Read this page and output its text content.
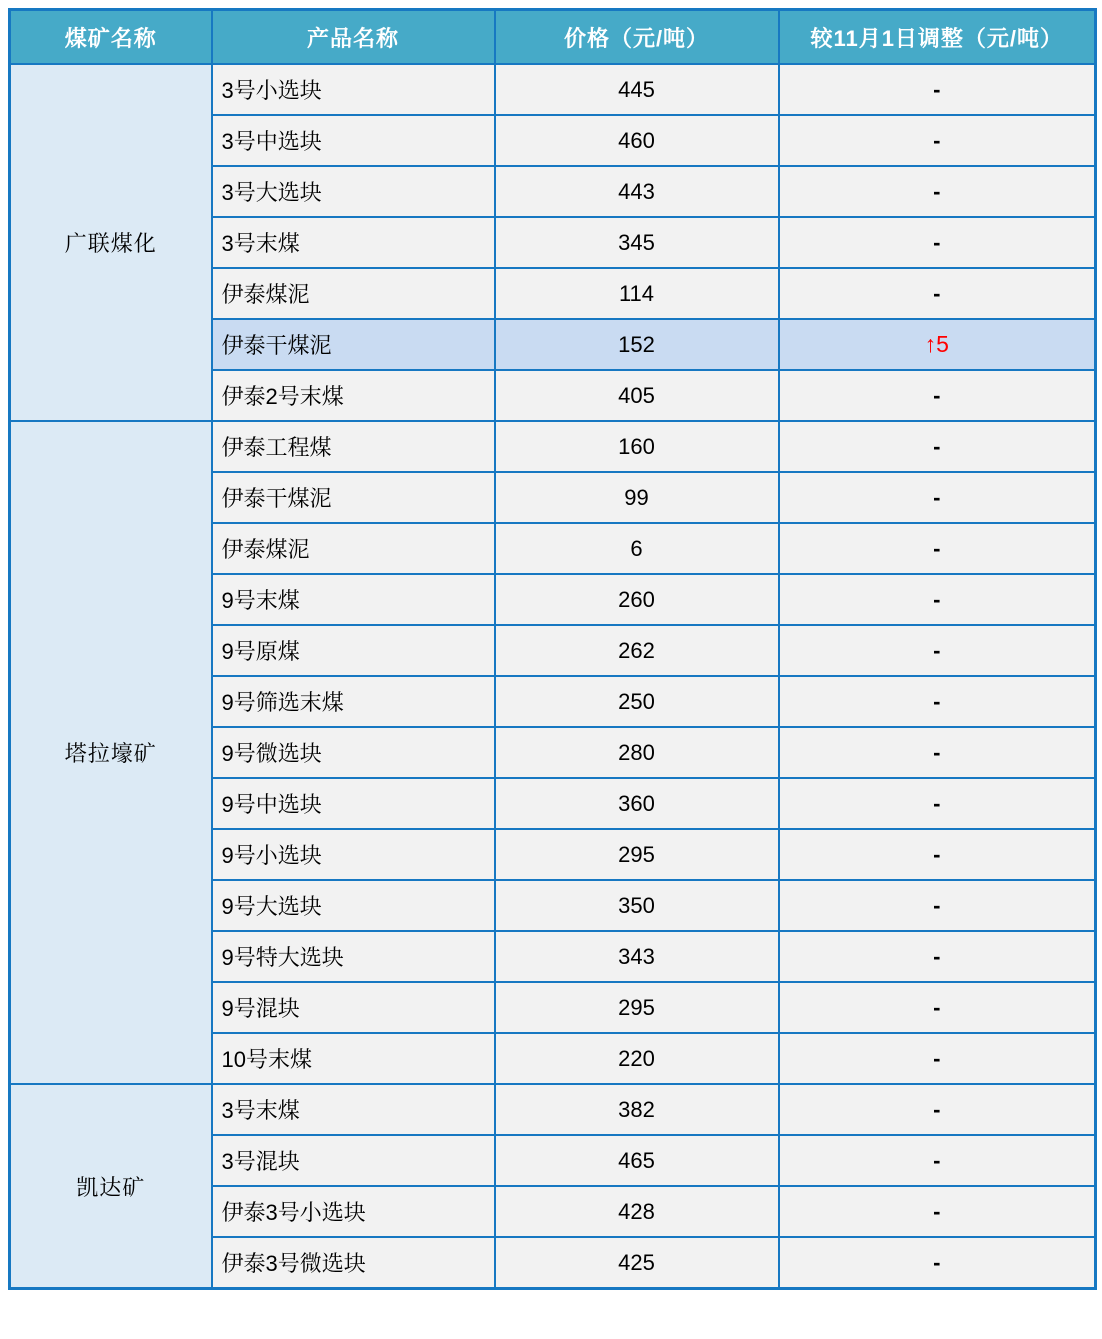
煤矿名称	产品名称	价格（元/吨）	较11月1日调整（元/吨）
广联煤化	3号小选块	445	-
	3号中选块	460	-
	3号大选块	443	-
	3号末煤	345	-
	伊泰煤泥	114	-
	伊泰干煤泥	152	↑5
	伊泰2号末煤	405	-
塔拉壕矿	伊泰工程煤	160	-
	伊泰干煤泥	99	-
	伊泰煤泥	6	-
	9号末煤	260	-
	9号原煤	262	-
	9号筛选末煤	250	-
	9号微选块	280	-
	9号中选块	360	-
	9号小选块	295	-
	9号大选块	350	-
	9号特大选块	343	-
	9号混块	295	-
	10号末煤	220	-
凯达矿	3号末煤	382	-
	3号混块	465	-
	伊泰3号小选块	428	-
	伊泰3号微选块	425	-
